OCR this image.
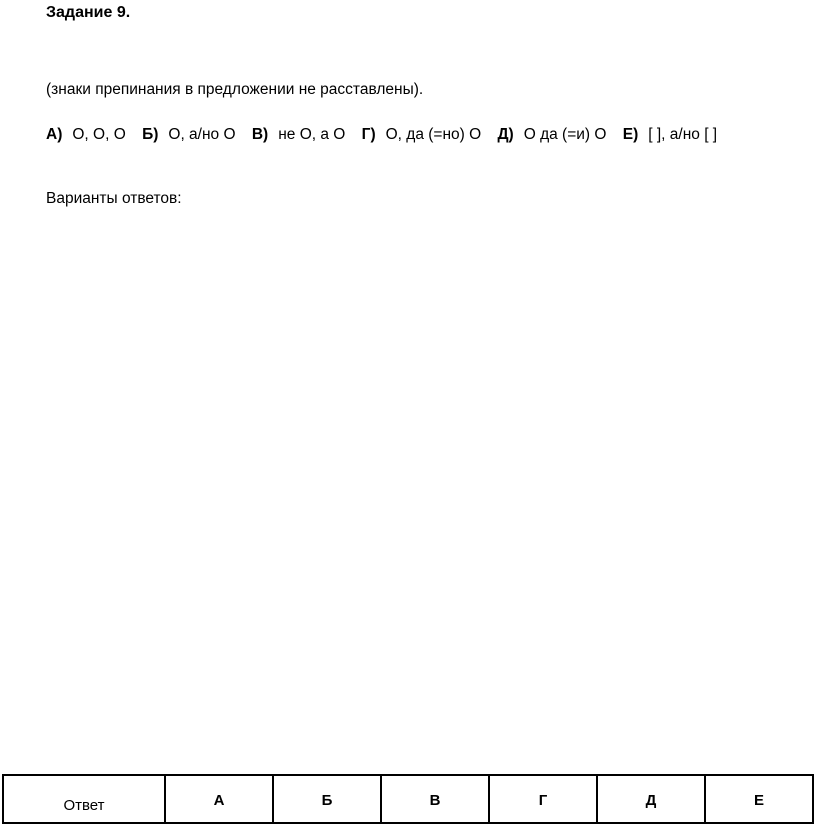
Задание 9.
(знаки препинания в предложении не расставлены).
А) О, О, О Б) О, а/но О В) не О, а О Г) О, да (=но) О Д) О да (=и) О Е) [ ], а/но [ ]
Варианты ответов:
Ответ	А	Б	В	Г	Д	Е
